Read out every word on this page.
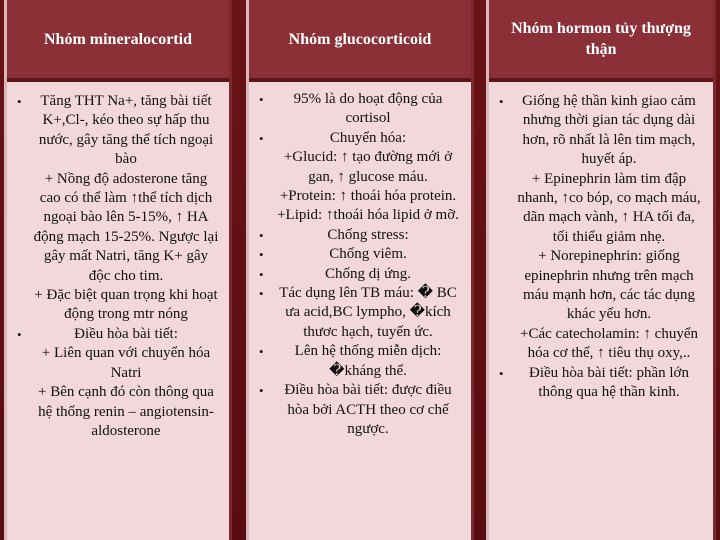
Nhóm mineralocortid
• Tăng THT Na+, tăng bài tiết K+,Cl-, kéo theo sự hấp thu nước, gây tăng thể tích ngoại bào
+ Nồng độ adosterone tăng cao có thể làm ↑thể tích dịch ngoại bào lên 5-15%, ↑ HA động mạch 15-25%. Ngược lại gây mất Natri, tăng K+ gây độc cho tim.
+ Đặc biệt quan trọng khi hoạt động trong mtr nóng
• Điều hòa bài tiết:
+ Liên quan với chuyển hóa Natri
+ Bên cạnh đó còn thông qua hệ thống renin – angiotensin- aldosterone
Nhóm glucocorticoid
• 95% là do hoạt động của cortisol
• Chuyển hóa:
+Glucid: ↑ tạo đường mới ở gan, ↑ glucose máu.
+Protein: ↑ thoái hóa protein.
+Lipid: ↑thoái hóa lipid ở mỡ.
• Chống stress:
• Chống viêm.
• Chống dị ứng.
• Tác dụng lên TB máu: � BC ưa acid,BC lympho, �kích thươc hạch, tuyến ức.
• Lên hệ thống miễn dịch: �kháng thể.
• Điều hòa bài tiết: được điều hòa bởi ACTH theo cơ chế ngược.
Nhóm hormon tủy thượng thận
• Giống hệ thần kinh giao cảm nhưng thời gian tác dụng dài hơn, rõ nhất là lên tim mạch, huyết áp.
+ Epinephrin làm tim đập nhanh, ↑co bóp, co mạch máu, dãn mạch vành, ↑ HA tối đa, tối thiểu giảm nhẹ.
+ Norepinephrin: giống epinephrin nhưng trên mạch máu mạnh hơn, các tác dụng khác yếu hơn.
+Các catecholamin: ↑ chuyển hóa cơ thể, ↑ tiêu thụ oxy,..
• Điều hòa bài tiết: phần lớn thông qua hệ thần kinh.
